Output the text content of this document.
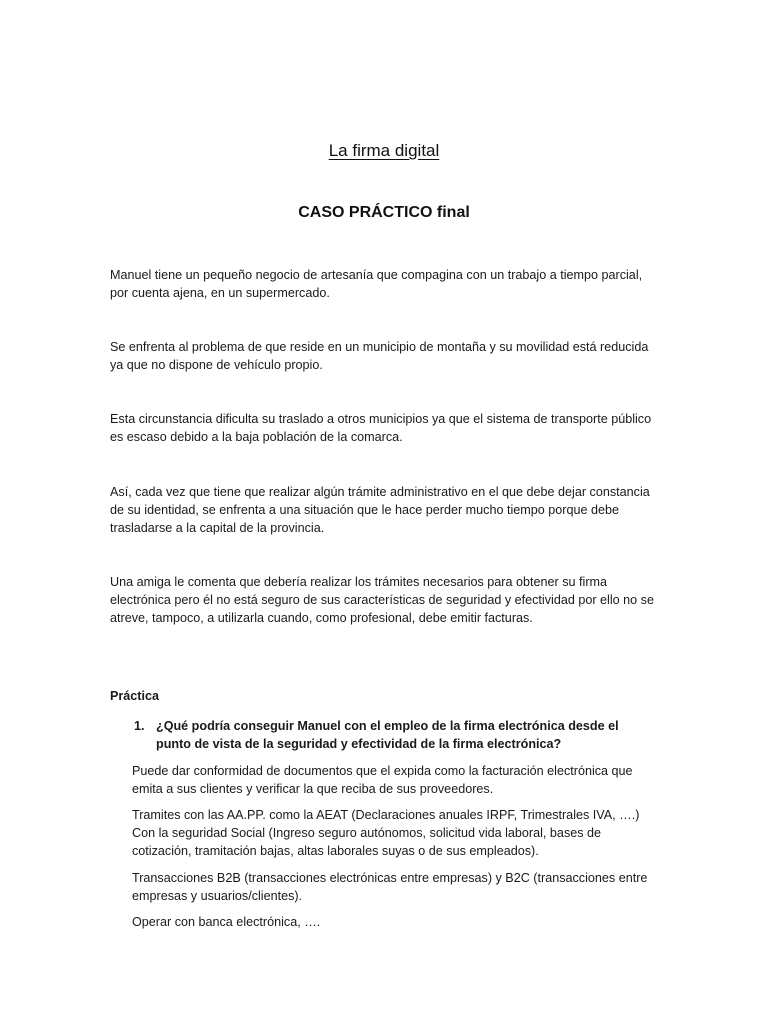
La firma digital
CASO PRÁCTICO final

Manuel tiene un pequeño negocio de artesanía que compagina con un trabajo a tiempo parcial, por cuenta ajena, en un supermercado.

Se enfrenta al problema de que reside en un municipio de montaña y su movilidad está reducida ya que no dispone de vehículo propio.

Esta circunstancia dificulta su traslado a otros municipios ya que el sistema de transporte público es escaso debido a la baja población de la comarca.

Así, cada vez que tiene que realizar algún trámite administrativo en el que debe dejar constancia de su identidad, se enfrenta a una situación que le hace perder mucho tiempo porque debe trasladarse a la capital de la provincia.

Una amiga le comenta que debería realizar los trámites necesarios para obtener su firma electrónica pero él no está seguro de sus características de seguridad y efectividad por ello no se atreve, tampoco, a utilizarla cuando, como profesional, debe emitir facturas.

Práctica

1. ¿Qué podría conseguir Manuel con el empleo de la firma electrónica desde el punto de vista de la seguridad y efectividad de la firma electrónica?

Puede dar conformidad de documentos que el expida como la facturación electrónica que emita a sus clientes y verificar la que reciba de sus proveedores.

Tramites con las AA.PP. como la AEAT (Declaraciones anuales IRPF, Trimestrales IVA, ….) Con la seguridad Social (Ingreso seguro autónomos, solicitud vida laboral, bases de cotización, tramitación bajas, altas laborales suyas o de sus empleados).

Transacciones B2B (transacciones electrónicas entre empresas) y B2C (transacciones entre empresas y usuarios/clientes).

Operar con banca electrónica, ….
